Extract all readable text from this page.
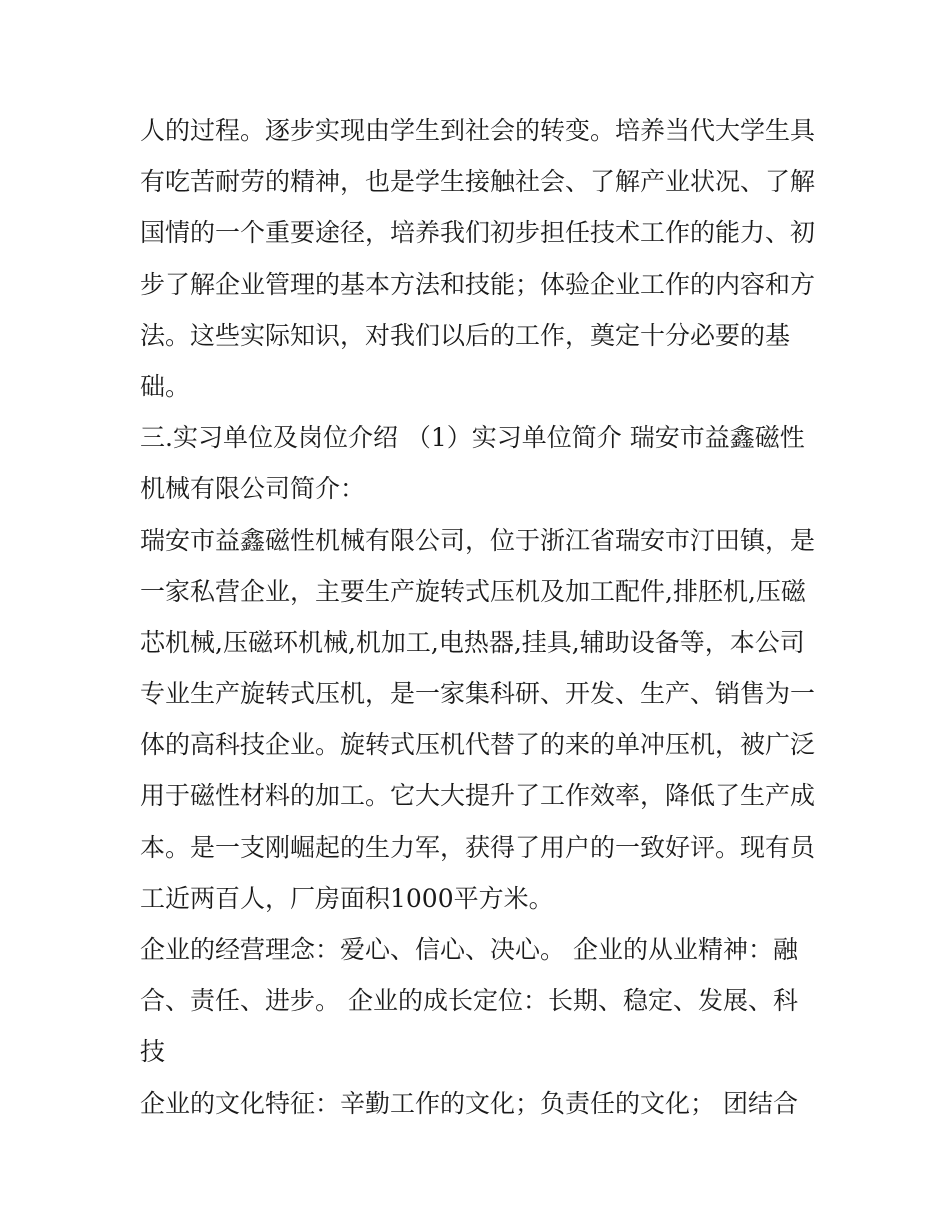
人的过程。逐步实现由学生到社会的转变。培养当代大学生具
有吃苦耐劳的精神，也是学生接触社会、了解产业状况、了解
国情的一个重要途径，培养我们初步担任技术工作的能力、初
步了解企业管理的基本方法和技能；体验企业工作的内容和方
法。这些实际知识，对我们以后的工作，奠定十分必要的基
础。
三.实习单位及岗位介绍 （1）实习单位简介 瑞安市益鑫磁性
机械有限公司简介：
瑞安市益鑫磁性机械有限公司，位于浙江省瑞安市汀田镇，是
一家私营企业，主要生产旋转式压机及加工配件,排胚机,压磁
芯机械,压磁环机械,机加工,电热器,挂具,辅助设备等，本公司
专业生产旋转式压机，是一家集科研、开发、生产、销售为一
体的高科技企业。旋转式压机代替了的来的单冲压机，被广泛
用于磁性材料的加工。它大大提升了工作效率，降低了生产成
本。是一支刚崛起的生力军，获得了用户的一致好评。现有员
工近两百人，厂房面积1000平方米。
企业的经营理念：爱心、信心、决心。 企业的从业精神：融
合、责任、进步。 企业的成长定位：长期、稳定、发展、科
技
企业的文化特征：辛勤工作的文化；负责任的文化； 团结合
